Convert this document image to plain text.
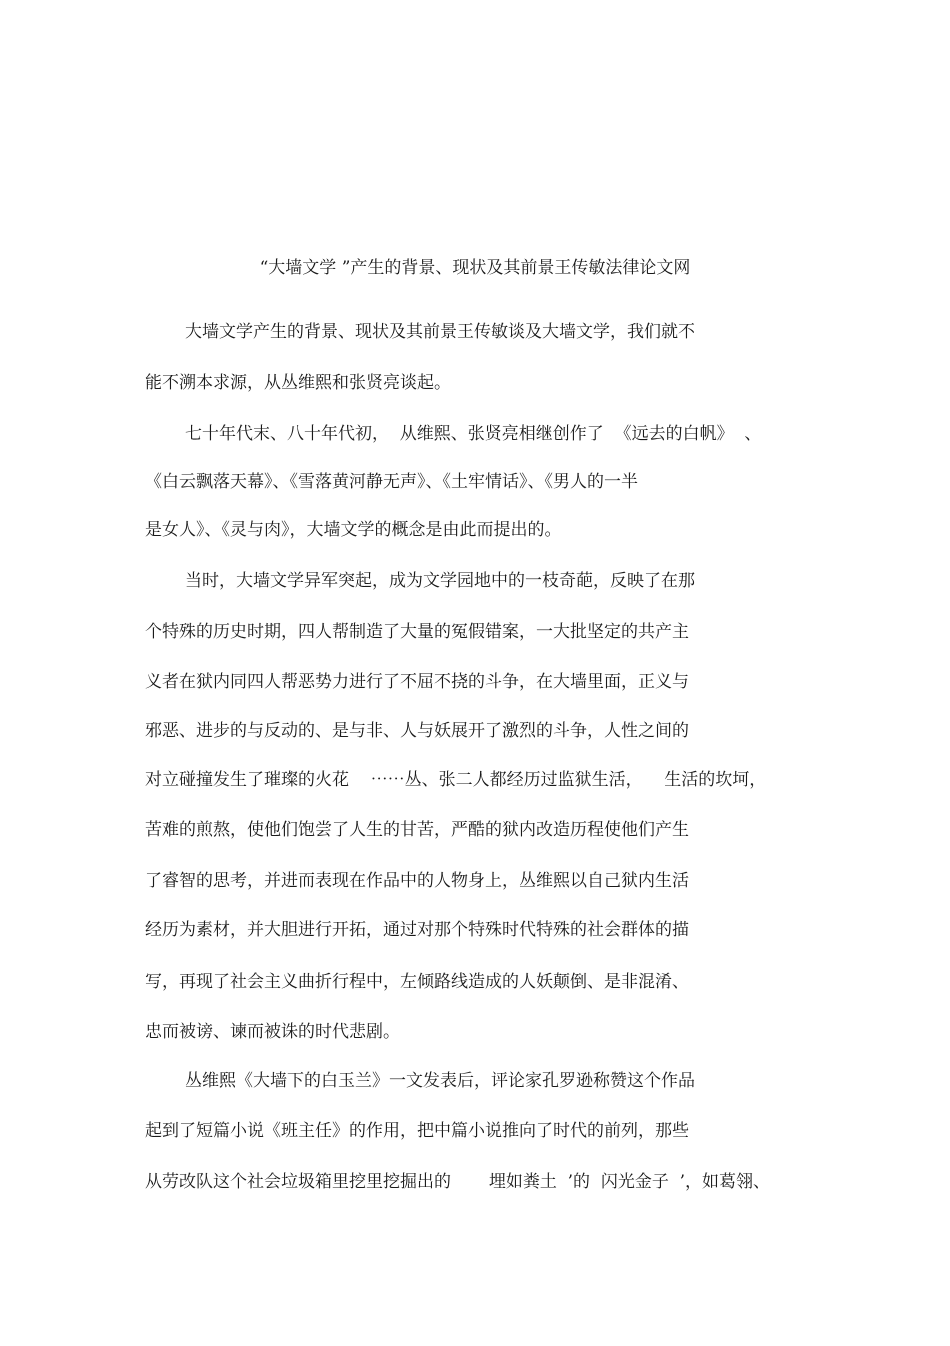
“大墙文学 ”产生的背景、现状及其前景王传敏法律论文网
大墙文学产生的背景、现状及其前景王传敏谈及大墙文学，我们就不
能不溯本求源，从丛维熙和张贤亮谈起。
七十年代末、八十年代初，  从维熙、张贤亮相继创作了  《远去的白帆》  、
《白云飘落天幕》、《雪落黄河静无声》、《土牢情话》、《男人的一半
是女人》、《灵与肉》，大墙文学的概念是由此而提出的。
当时，大墙文学异军突起，成为文学园地中的一枝奇葩，反映了在那
个特殊的历史时期，四人帮制造了大量的冤假错案，一大批坚定的共产主
义者在狱内同四人帮恶势力进行了不屈不挠的斗争，在大墙里面，正义与
邪恶、进步的与反动的、是与非、人与妖展开了激烈的斗争，人性之间的
对立碰撞发生了璀璨的火花    ⋯⋯丛、张二人都经历过监狱生活，    生活的坎坷，
苦难的煎熬，使他们饱尝了人生的甘苦，严酷的狱内改造历程使他们产生
了睿智的思考，并进而表现在作品中的人物身上，丛维熙以自己狱内生活
经历为素材，并大胆进行开拓，通过对那个特殊时代特殊的社会群体的描
写，再现了社会主义曲折行程中，左倾路线造成的人妖颠倒、是非混淆、
忠而被谤、谏而被诛的时代悲剧。
丛维熙《大墙下的白玉兰》一文发表后，评论家孔罗逊称赞这个作品
起到了短篇小说《班主任》的作用，把中篇小说推向了时代的前列，那些
从劳改队这个社会垃圾箱里挖里挖掘出的       埋如粪土  ’的  闪光金子  ’，如葛翎、
